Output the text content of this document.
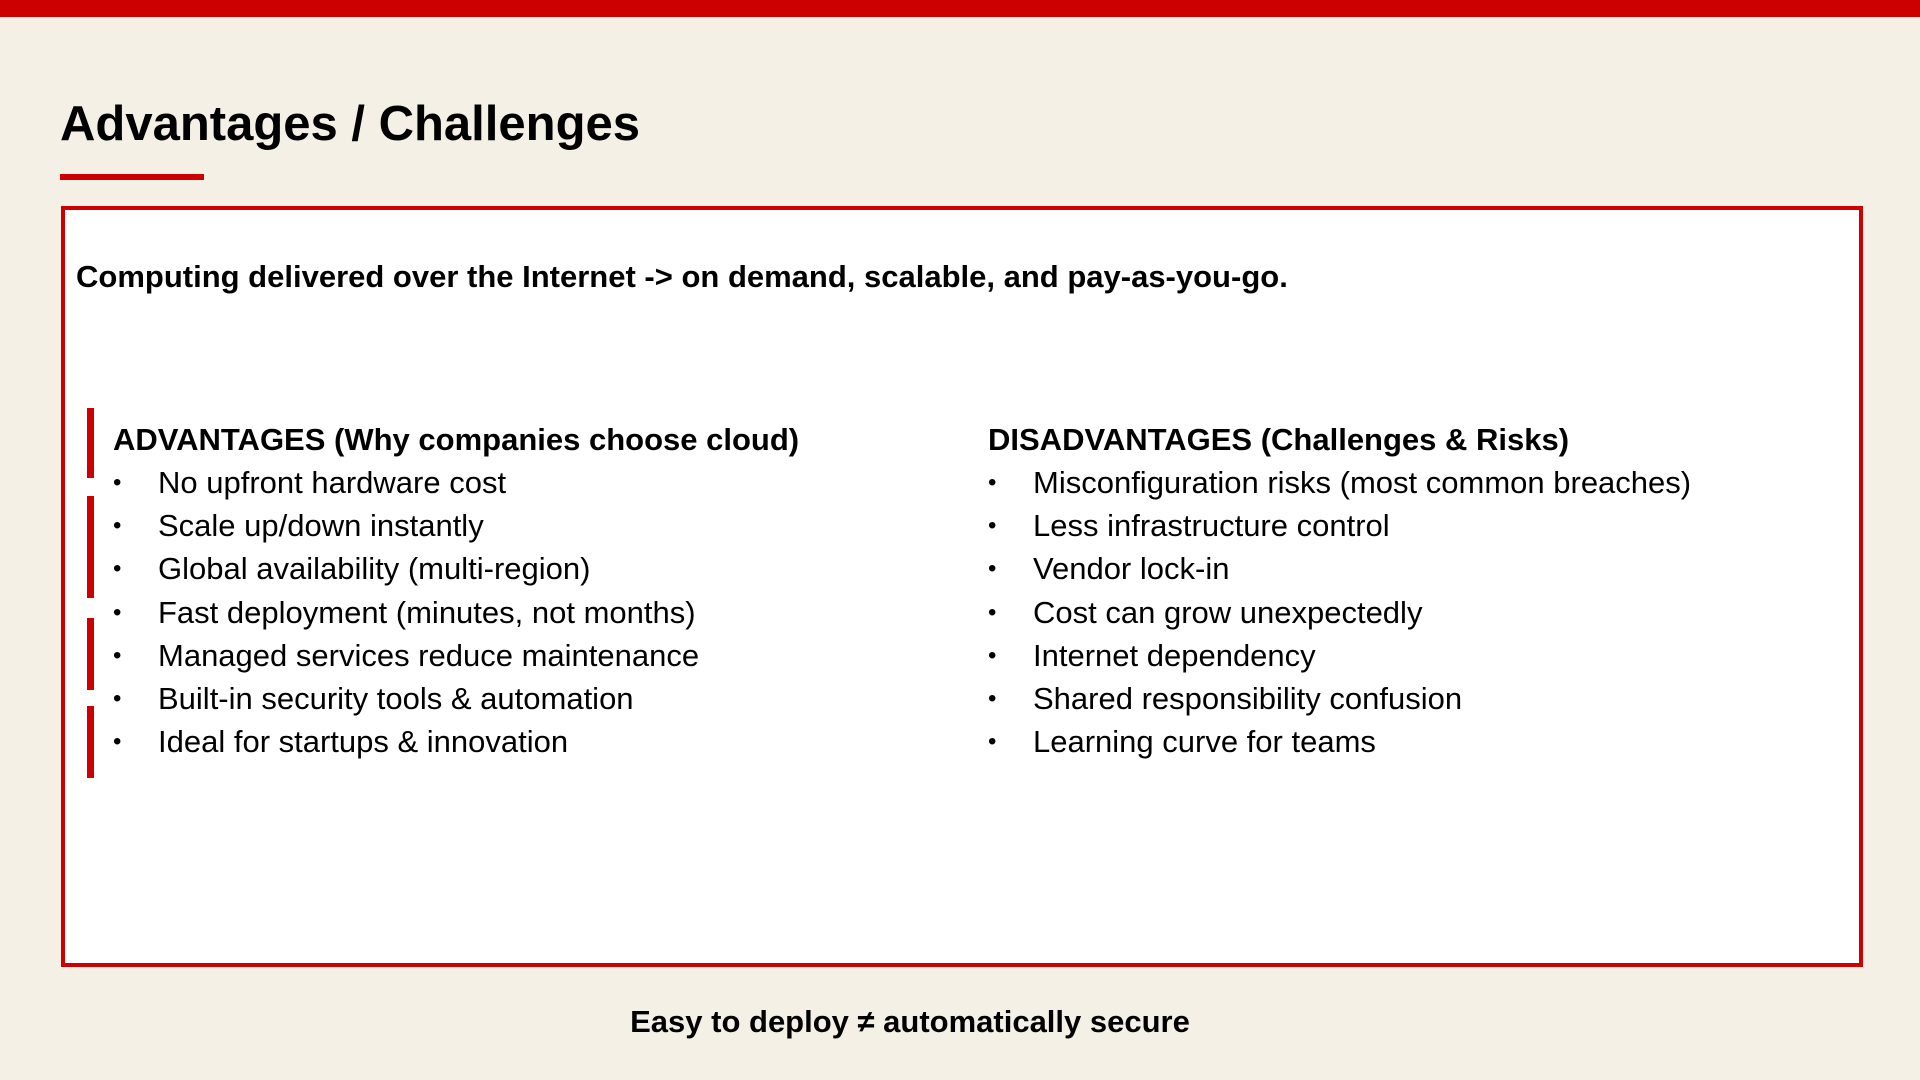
Advantages / Challenges
Computing delivered over the Internet -> on demand, scalable, and pay-as-you-go.
ADVANTAGES (Why companies choose cloud)
• No upfront hardware cost
• Scale up/down instantly
• Global availability (multi-region)
• Fast deployment (minutes, not months)
• Managed services reduce maintenance
• Built-in security tools & automation
• Ideal for startups & innovation
DISADVANTAGES (Challenges & Risks)
• Misconfiguration risks (most common breaches)
• Less infrastructure control
• Vendor lock-in
• Cost can grow unexpectedly
• Internet dependency
• Shared responsibility confusion
• Learning curve for teams
Easy to deploy ≠ automatically secure
